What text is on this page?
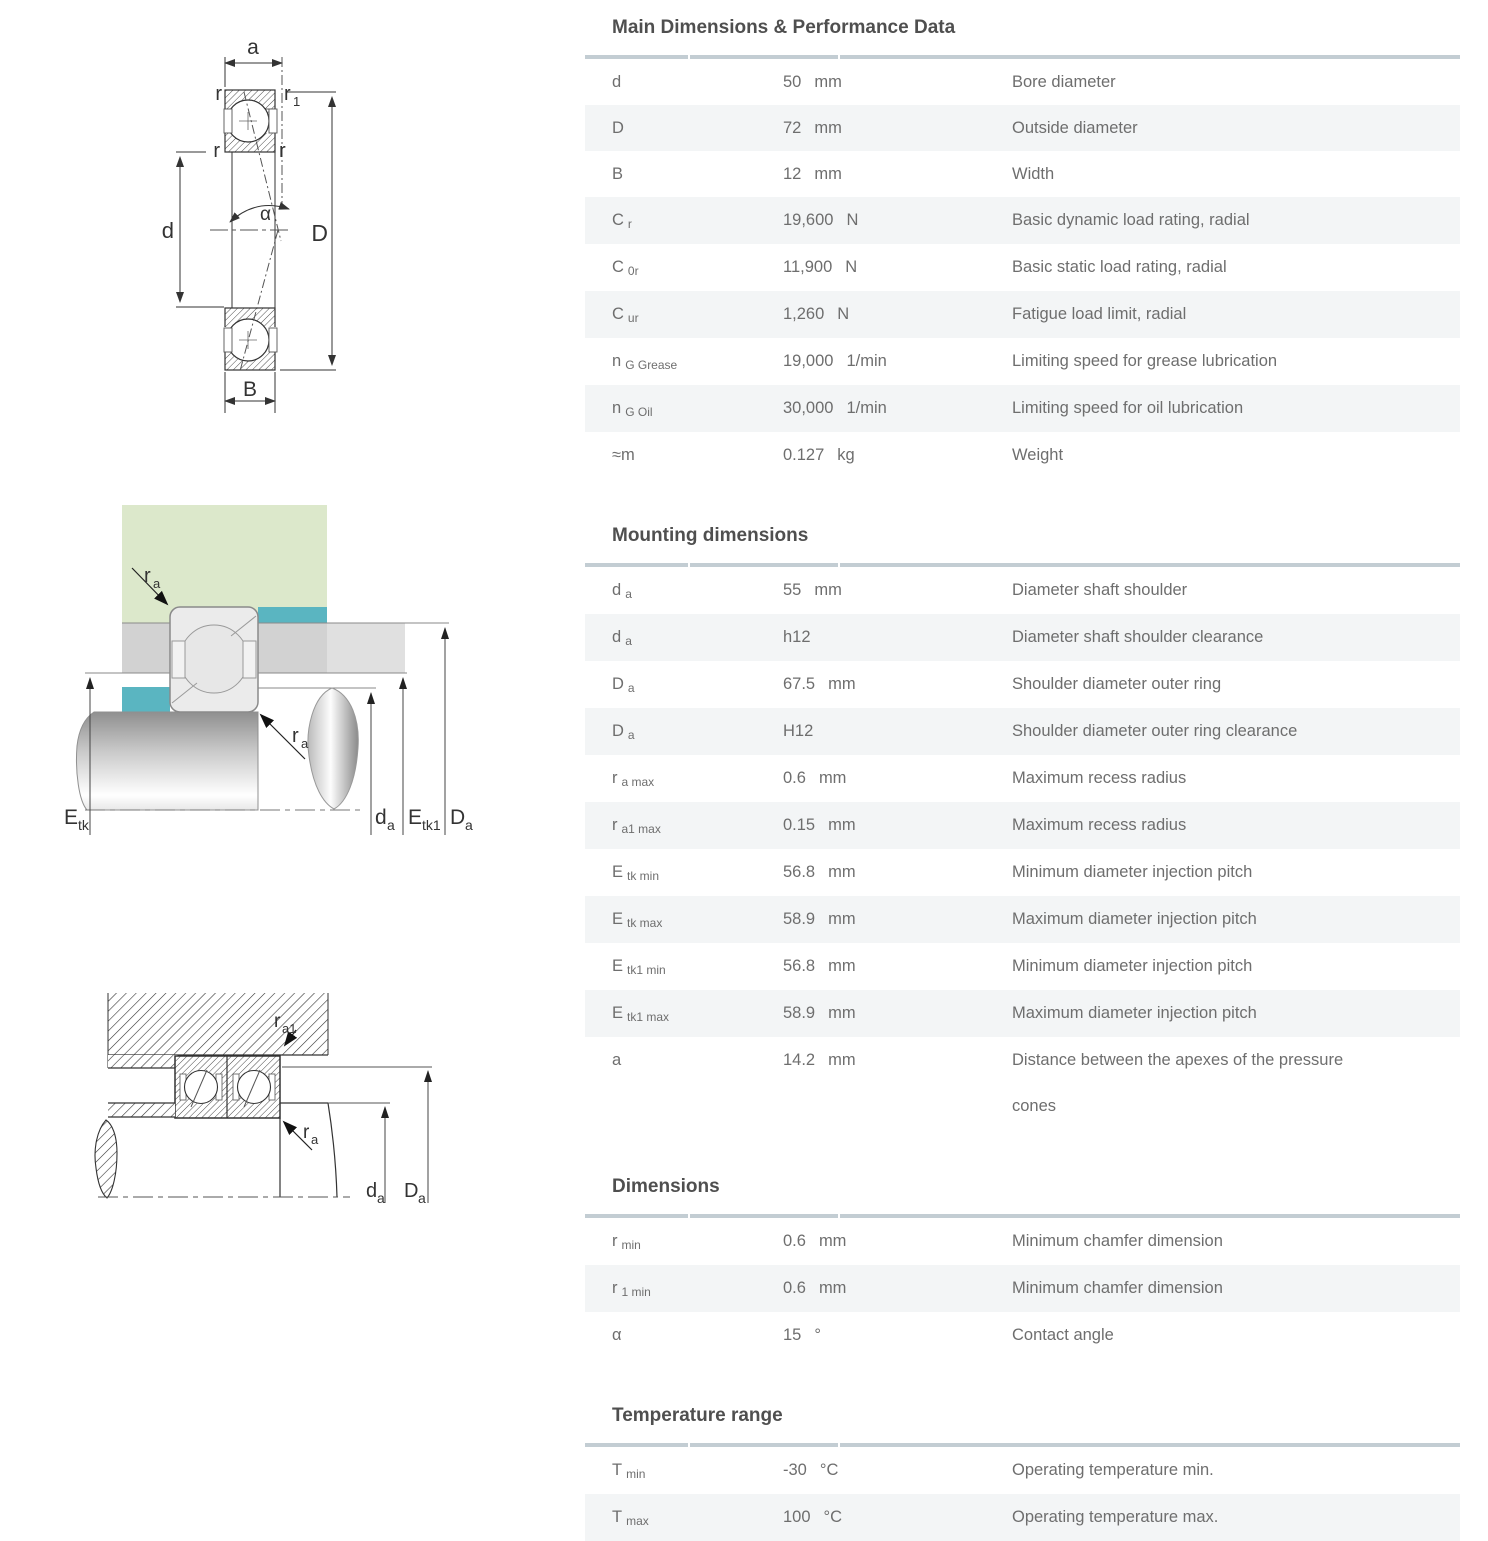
a
α
d	D
B
r	r 1
r	r
r a
r a
E tk	d a E tk1 D a
r a1
r a
d a D a
Main Dimensions & Performance Data
d	50 mm	Bore diameter
D	72 mm	Outside diameter
B	12 mm	Width
C r	19,600 N	Basic dynamic load rating, radial
C 0r	11,900 N	Basic static load rating, radial
C ur	1,260 N	Fatigue load limit, radial
n G Grease	19,000 1/min	Limiting speed for grease lubrication
n G Oil	30,000 1/min	Limiting speed for oil lubrication
≈m	0.127 kg	Weight
Mounting dimensions
d a	55 mm	Diameter shaft shoulder
d a	h12	Diameter shaft shoulder clearance
D a	67.5 mm	Shoulder diameter outer ring
D a	H12	Shoulder diameter outer ring clearance
r a max	0.6 mm	Maximum recess radius
r a1 max	0.15 mm	Maximum recess radius
E tk min	56.8 mm	Minimum diameter injection pitch
E tk max	58.9 mm	Maximum diameter injection pitch
E tk1 min	56.8 mm	Minimum diameter injection pitch
E tk1 max	58.9 mm	Maximum diameter injection pitch
a	14.2 mm	Distance between the apexes of the pressure cones
Dimensions
r min	0.6 mm	Minimum chamfer dimension
r 1 min	0.6 mm	Minimum chamfer dimension
α	15 °	Contact angle
Temperature range
T min	-30 °C	Operating temperature min.
T max	100 °C	Operating temperature max.
